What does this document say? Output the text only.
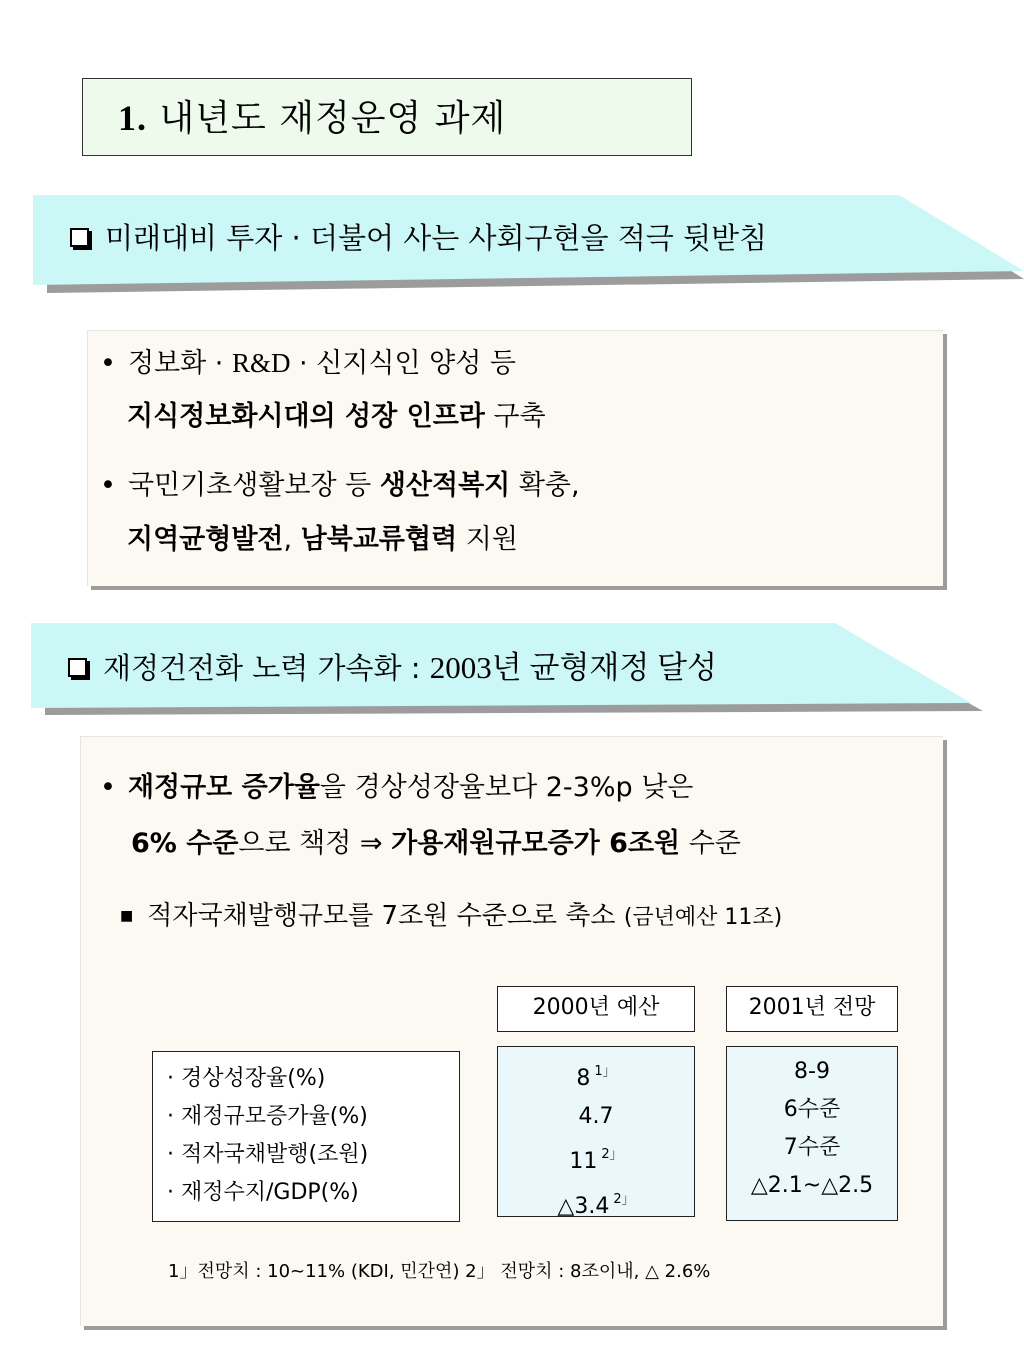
1. 내년도 재정운영 과제
미래대비 투자 · 더불어 사는 사회구현을 적극 뒷받침
• 정보화 · R&D · 신지식인 양성 등
지식정보화시대의 성장 인프라 구축
• 국민기초생활보장 등 생산적복지 확충,
지역균형발전, 남북교류협력 지원
재정건전화 노력 가속화 : 2003년 균형재정 달성
• 재정규모 증가율을 경상성장율보다 2-3%p 낮은
6% 수준으로 책정 ⇒ 가용재원규모증가 6조원 수준
■ 적자국채발행규모를 7조원 수준으로 축소 (금년예산 11조)
2000년 예산	2001년 전망
· 경상성장율(%)
· 재정규모증가율(%)
· 적자국채발행(조원)
· 재정수지/GDP(%)
8 $^{1」}$
4.7
11 $^{2」}$
△3.4 $^{2」}$
8-9
6수준
7수준
△2.1~△2.5
1」전망치 : 10~11% (KDI, 민간연) 2」 전망치 : 8조이내, △ 2.6%
